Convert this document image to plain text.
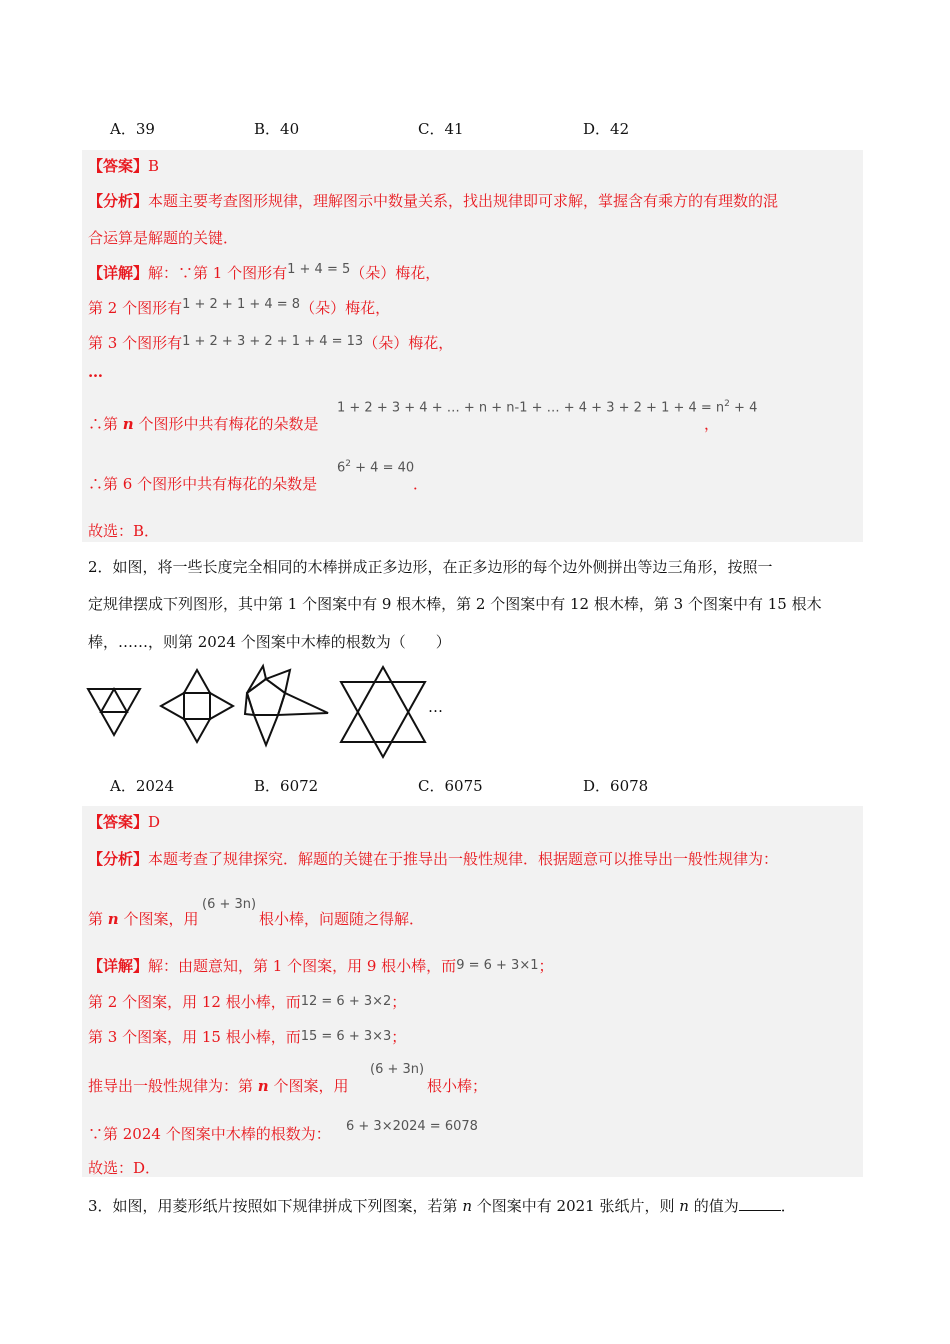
A．39	B．40	C．41	D．42
【答案】B
【分析】本题主要考查图形规律，理解图示中数量关系，找出规律即可求解，掌握含有乘方的有理数的混
合运算是解题的关键．
【详解】解：∵第 1 个图形有1 + 4 = 5（朵）梅花，
第 2 个图形有1 + 2 + 1 + 4 = 8（朵）梅花，
第 3 个图形有1 + 2 + 3 + 2 + 1 + 4 = 13（朵）梅花，
…
∴第 n 个图形中共有梅花的朵数是
1 + 2 + 3 + 4 + … + n + n-1 + … + $4 + 3 + 2 + 1 + 4 = n^2 + 4$
，
∴第 6 个图形中共有梅花的朵数是
$6^2 + 4 = 40$
．
故选：B．
2．如图，将一些长度完全相同的木棒拼成正多边形，在正多边形的每个边外侧拼出等边三角形，按照一
定规律摆成下列图形，其中第 1 个图案中有 9 根木棒，第 2 个图案中有 12 根木棒，第 3 个图案中有 15 根木
棒，……，则第 2024 个图案中木棒的根数为（　　）
…
A．2024	B．6072	C．6075	D．6078
【答案】D
【分析】本题考查了规律探究．解题的关键在于推导出一般性规律．根据题意可以推导出一般性规律为：
第 n 个图案，用
(6 + 3n)
根小棒，问题随之得解．
【详解】解：由题意知，第 1 个图案，用 9 根小棒，而9 = 6 + 3×1；
第 2 个图案，用 12 根小棒，而12 = 6 + 3×2；
第 3 个图案，用 15 根小棒，而15 = 6 + 3×3；
推导出一般性规律为：第 n 个图案，用
(6 + 3n)
根小棒；
∵第 2024 个图案中木棒的根数为： 6 + 3×2024 = 6078
故选：D．
3．如图，用菱形纸片按照如下规律拼成下列图案，若第 n 个图案中有 2021 张纸片，则 n 的值为	．
